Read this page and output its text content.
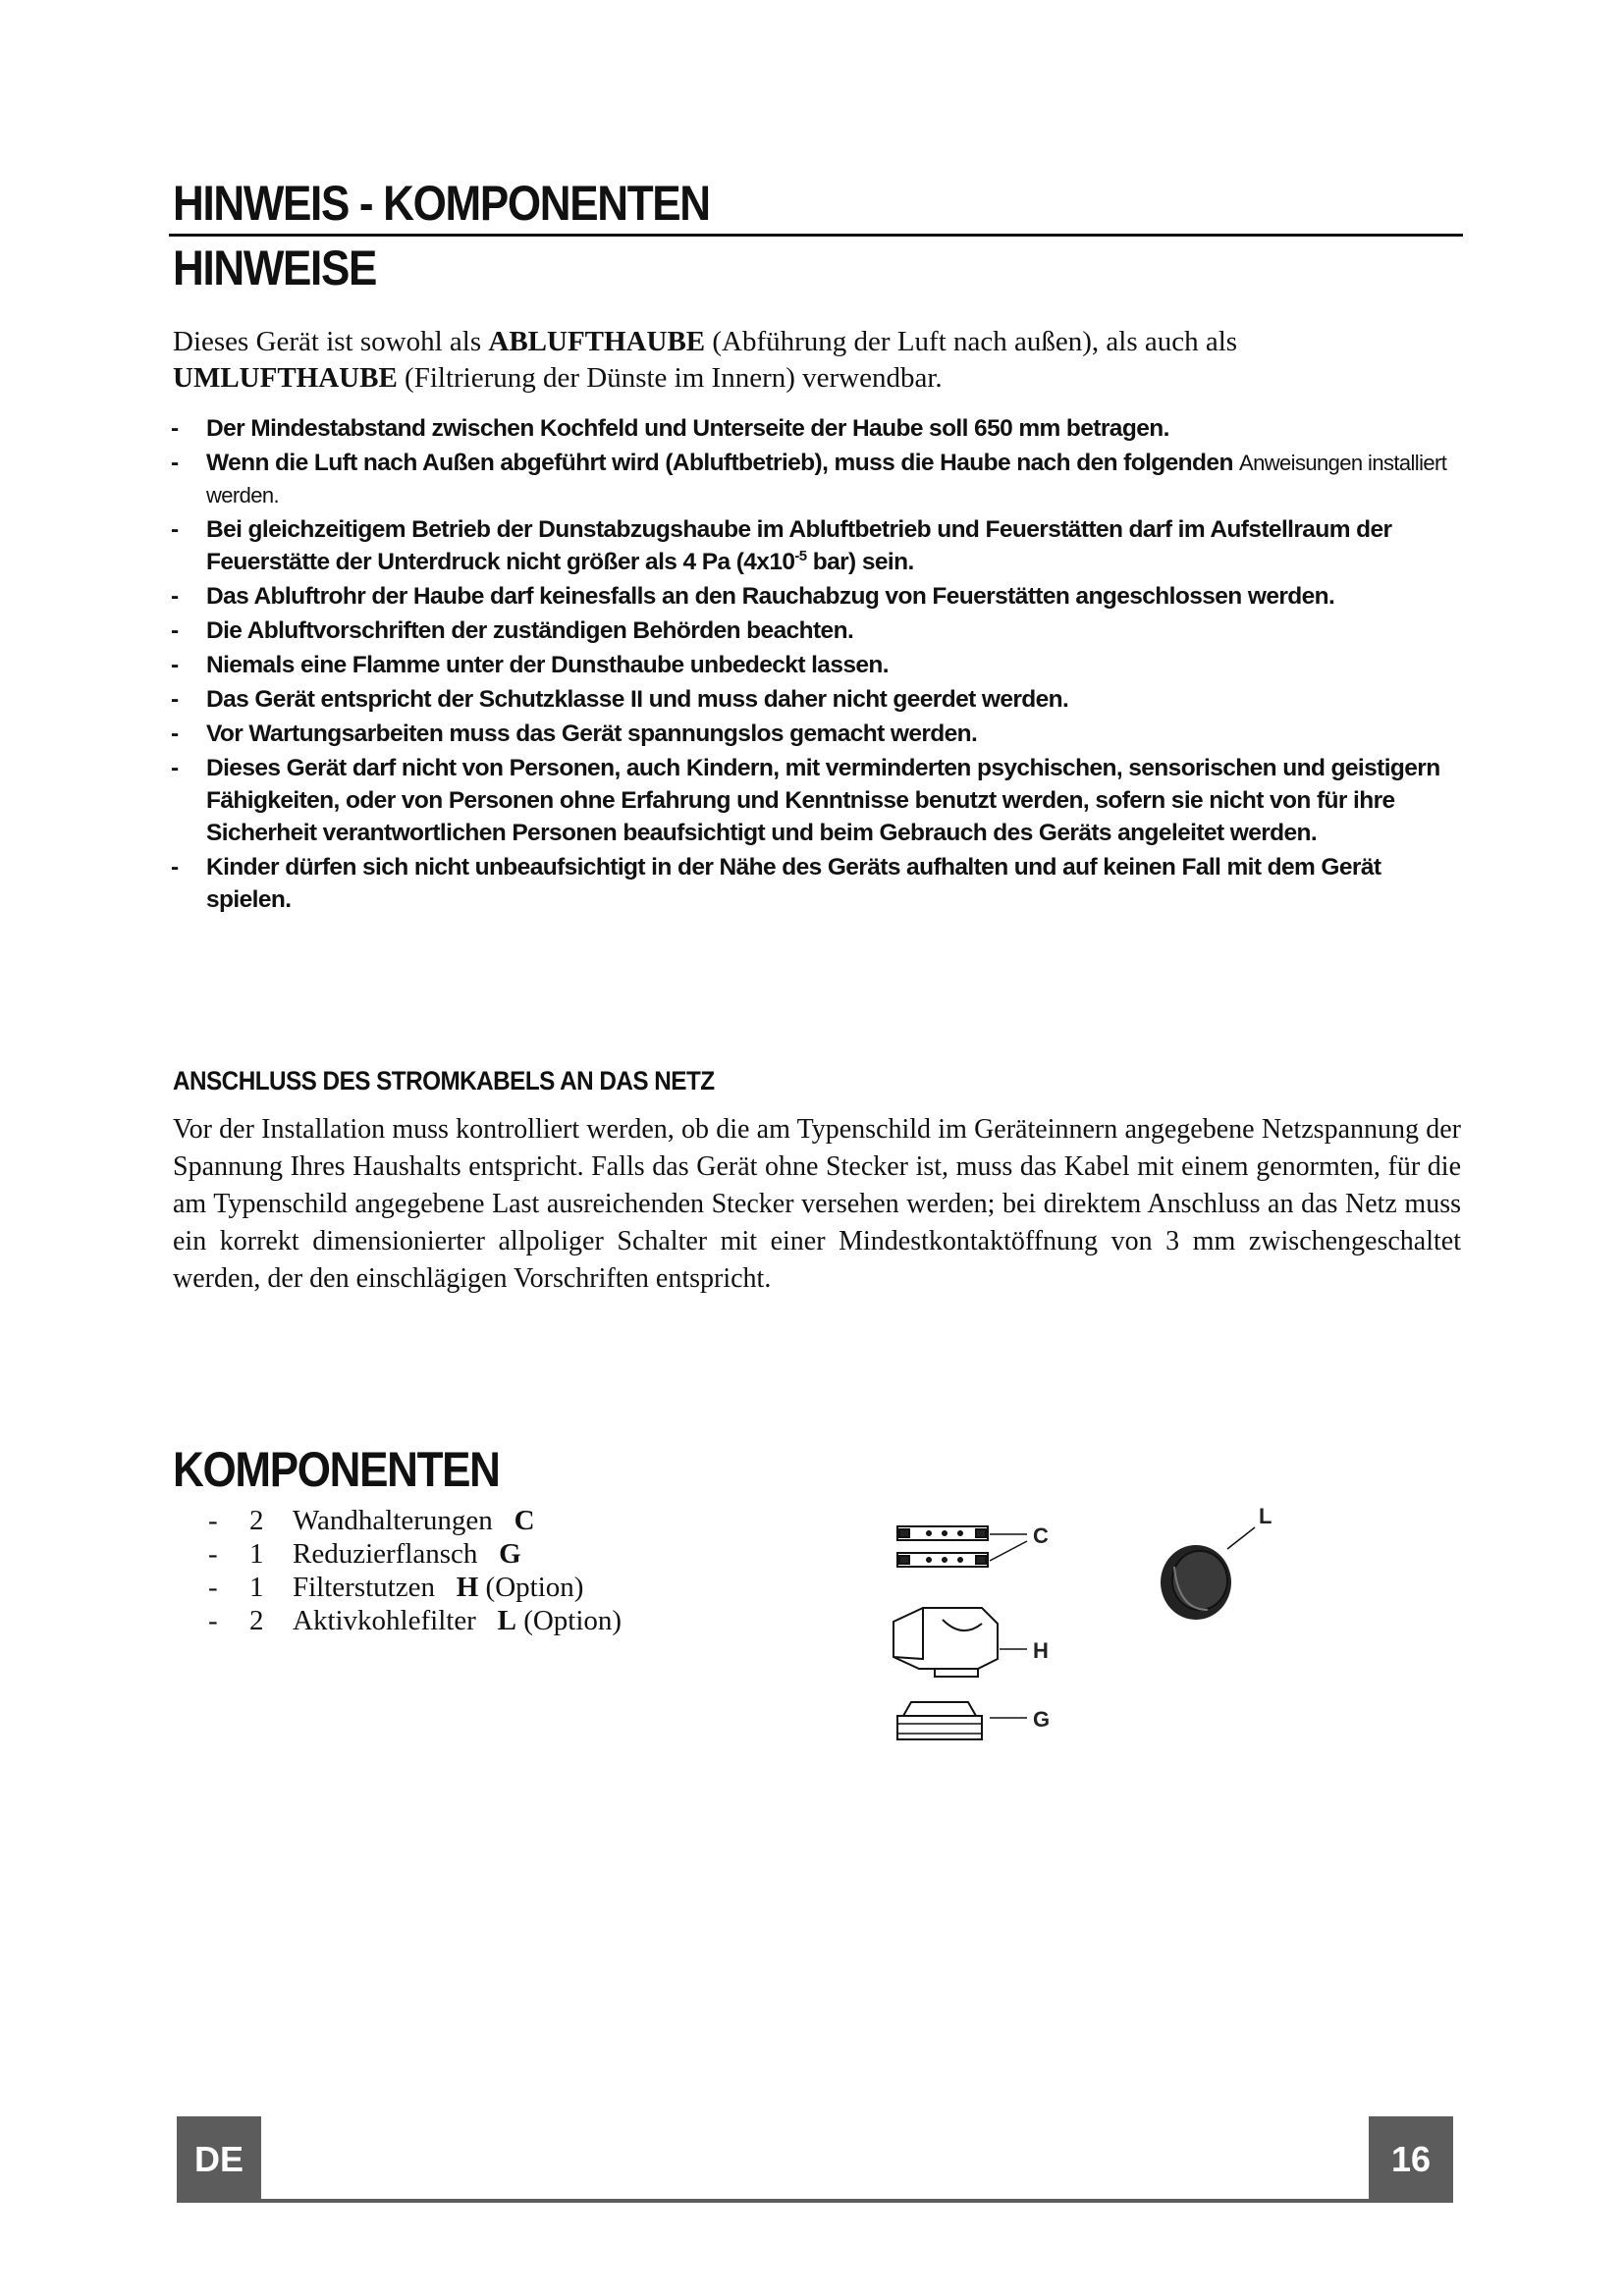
HINWEIS - KOMPONENTEN
HINWEISE

Dieses Gerät ist sowohl als ABLUFTHAUBE (Abführung der Luft nach außen), als auch als
UMLUFTHAUBE (Filtrierung der Dünste im Innern) verwendbar.

- Der Mindestabstand zwischen Kochfeld und Unterseite der Haube soll 650 mm betragen.
- Wenn die Luft nach Außen abgeführt wird (Abluftbetrieb), muss die Haube nach den folgenden Anweisungen installiert werden.
- Bei gleichzeitigem Betrieb der Dunstabzugshaube im Abluftbetrieb und Feuerstätten darf im Aufstellraum der Feuerstätte der Unterdruck nicht größer als 4 Pa ($4x10^{-5}$ bar) sein.
- Das Abluftrohr der Haube darf keinesfalls an den Rauchabzug von Feuerstätten angeschlossen werden.
- Die Abluftvorschriften der zuständigen Behörden beachten.
- Niemals eine Flamme unter der Dunsthaube unbedeckt lassen.
- Das Gerät entspricht der Schutzklasse II und muss daher nicht geerdet werden.
- Vor Wartungsarbeiten muss das Gerät spannungslos gemacht werden.
- Dieses Gerät darf nicht von Personen, auch Kindern, mit verminderten psychischen, sensorischen und geistigern Fähigkeiten, oder von Personen ohne Erfahrung und Kenntnisse benutzt werden, sofern sie nicht von für ihre Sicherheit verantwortlichen Personen beaufsichtigt und beim Gebrauch des Geräts angeleitet werden.
- Kinder dürfen sich nicht unbeaufsichtigt in der Nähe des Geräts aufhalten und auf keinen Fall mit dem Gerät spielen.
ANSCHLUSS DES STROMKABELS AN DAS NETZ

Vor der Installation muss kontrolliert werden, ob die am Typenschild im Geräteinnern angegebene Netzspannung der Spannung Ihres Haushalts entspricht. Falls das Gerät ohne Stecker ist, muss das Kabel mit einem genormten, für die am Typenschild angegebene Last ausreichenden Stecker versehen werden; bei direktem Anschluss an das Netz muss ein korrekt dimensionierter allpoliger Schalter mit einer Mindestkontaktöffnung von 3 mm zwischengeschaltet werden, der den einschlägigen Vorschriften entspricht.

KOMPONENTEN
- 2 Wandhalterungen C
- 1 Reduzierflansch G
- 1 Filterstutzen H (Option)
- 2 Aktivkohlefilter L (Option)
C
L
H
G
DE	16
